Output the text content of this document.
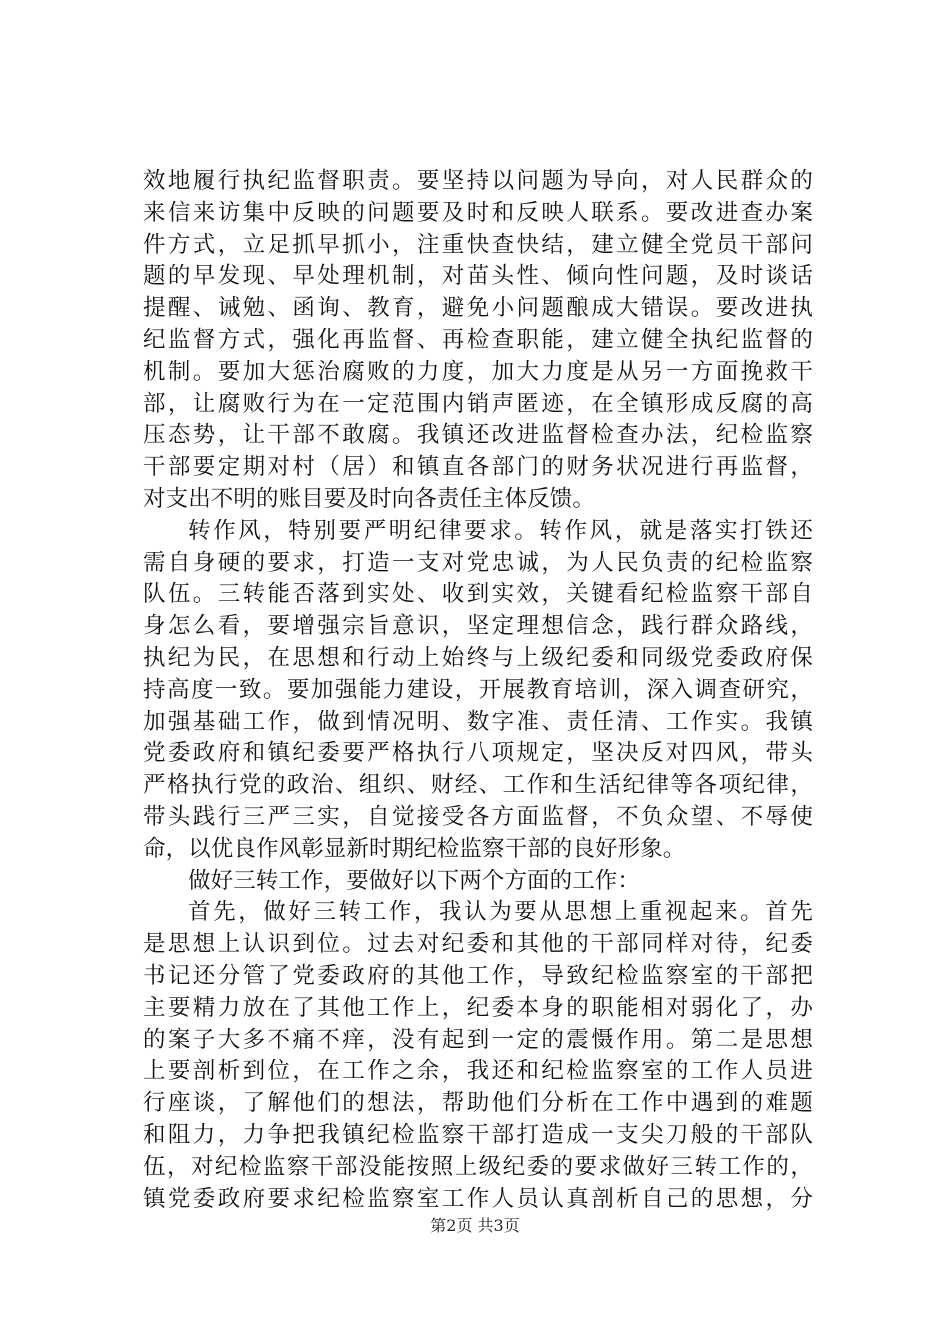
效地履行执纪监督职责。要坚持以问题为导向，对人民群众的
来信来访集中反映的问题要及时和反映人联系。要改进查办案
件方式，立足抓早抓小，注重快查快结，建立健全党员干部问
题的早发现、早处理机制，对苗头性、倾向性问题，及时谈话
提醒、诫勉、函询、教育，避免小问题酿成大错误。要改进执
纪监督方式，强化再监督、再检查职能，建立健全执纪监督的
机制。要加大惩治腐败的力度，加大力度是从另一方面挽救干
部，让腐败行为在一定范围内销声匿迹，在全镇形成反腐的高
压态势，让干部不敢腐。我镇还改进监督检查办法，纪检监察
干部要定期对村（居）和镇直各部门的财务状况进行再监督，
对支出不明的账目要及时向各责任主体反馈。
转作风，特别要严明纪律要求。转作风，就是落实打铁还
需自身硬的要求，打造一支对党忠诚，为人民负责的纪检监察
队伍。三转能否落到实处、收到实效，关键看纪检监察干部自
身怎么看，要增强宗旨意识，坚定理想信念，践行群众路线，
执纪为民，在思想和行动上始终与上级纪委和同级党委政府保
持高度一致。要加强能力建设，开展教育培训，深入调查研究，
加强基础工作，做到情况明、数字准、责任清、工作实。我镇
党委政府和镇纪委要严格执行八项规定，坚决反对四风，带头
严格执行党的政治、组织、财经、工作和生活纪律等各项纪律，
带头践行三严三实，自觉接受各方面监督，不负众望、不辱使
命，以优良作风彰显新时期纪检监察干部的良好形象。
做好三转工作，要做好以下两个方面的工作：
首先，做好三转工作，我认为要从思想上重视起来。首先
是思想上认识到位。过去对纪委和其他的干部同样对待，纪委
书记还分管了党委政府的其他工作，导致纪检监察室的干部把
主要精力放在了其他工作上，纪委本身的职能相对弱化了，办
的案子大多不痛不痒，没有起到一定的震慑作用。第二是思想
上要剖析到位，在工作之余，我还和纪检监察室的工作人员进
行座谈，了解他们的想法，帮助他们分析在工作中遇到的难题
和阻力，力争把我镇纪检监察干部打造成一支尖刀般的干部队
伍，对纪检监察干部没能按照上级纪委的要求做好三转工作的，
镇党委政府要求纪检监察室工作人员认真剖析自己的思想，分
第2页 共3页
